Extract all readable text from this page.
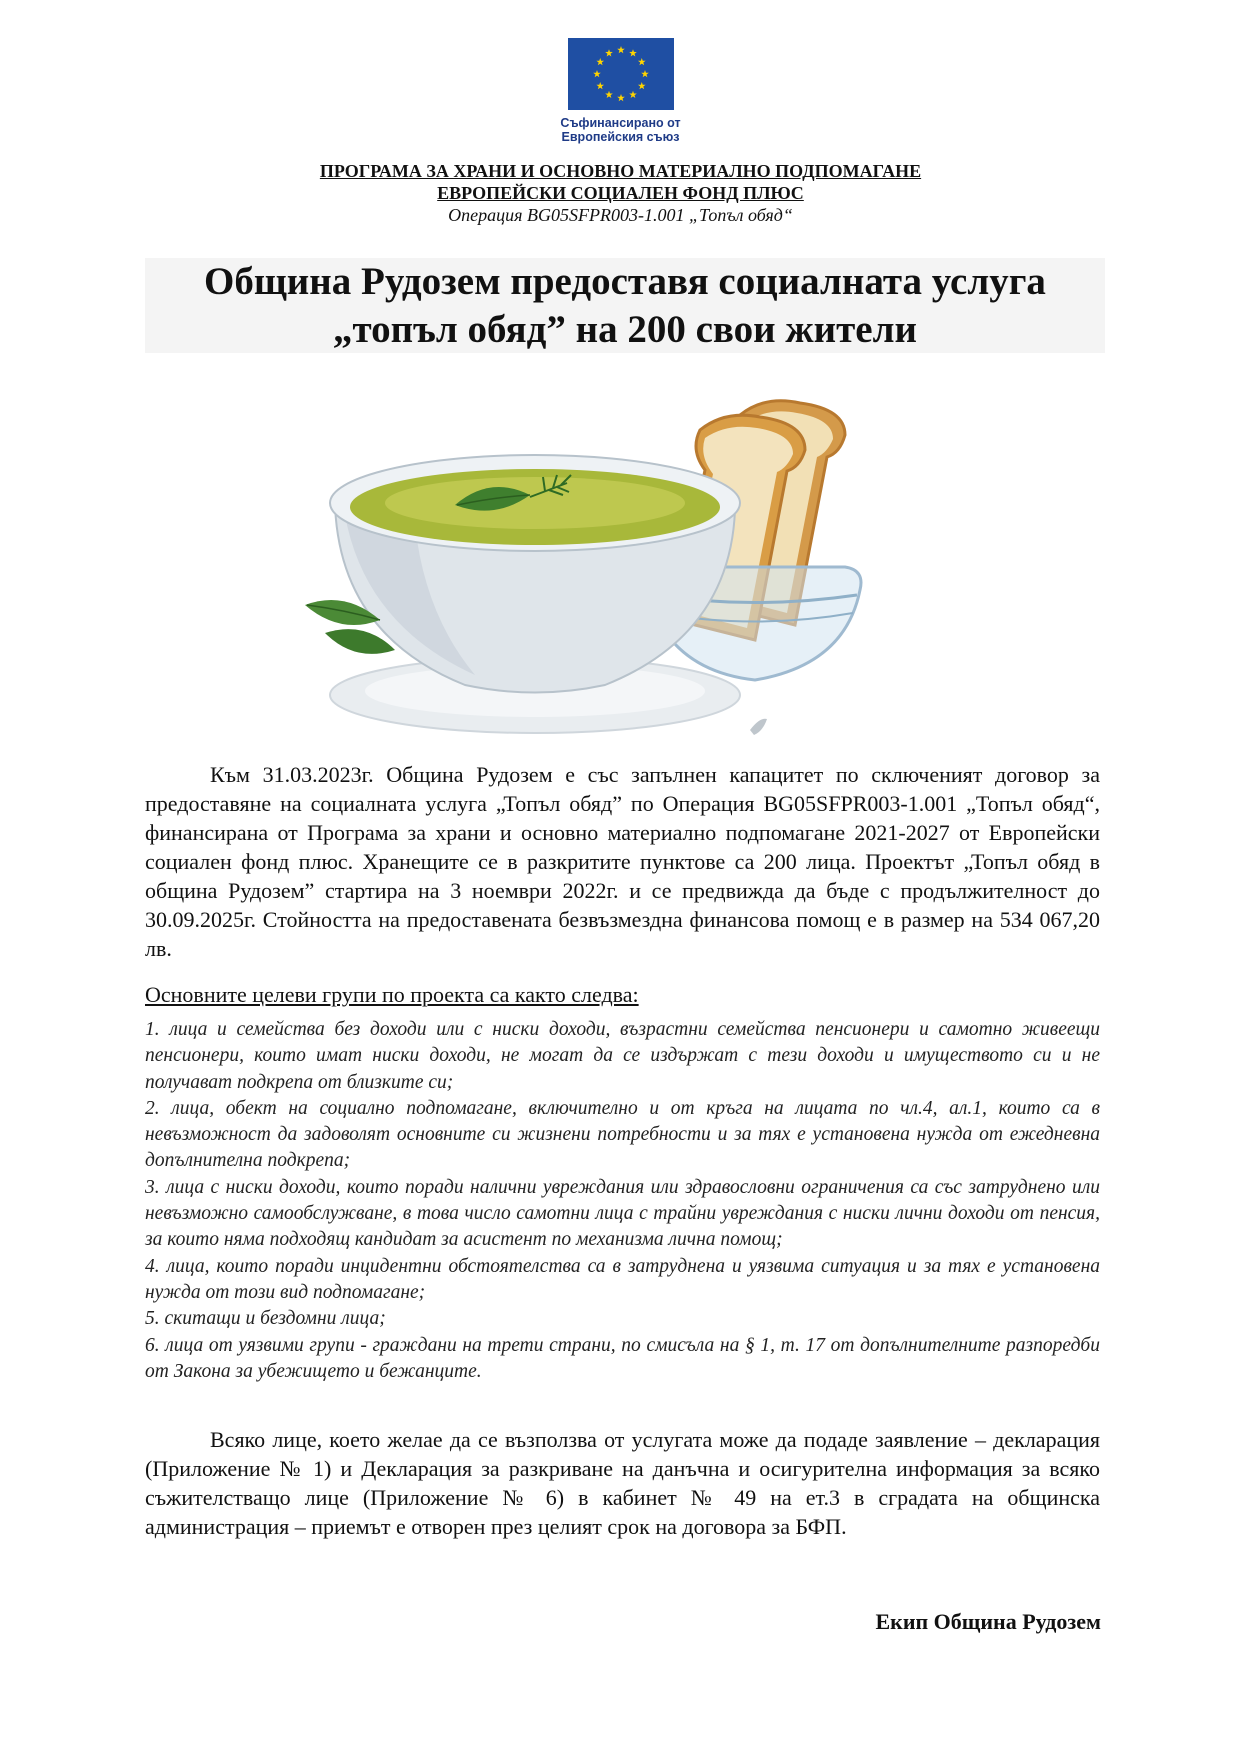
Съфинансирано от
Европейския съюз
ПРОГРАМА ЗА ХРАНИ И ОСНОВНО МАТЕРИАЛНО ПОДПОМАГАНЕ
ЕВРОПЕЙСКИ СОЦИАЛЕН ФОНД ПЛЮС
Операция BG05SFPR003-1.001 „Топъл обяд“
Община Рудозем предоставя социалната услуга
„топъл обяд” на 200 свои жители

Към 31.03.2023г. Община Рудозем е със запълнен капацитет по сключеният договор за предоставяне на социалната услуга „Топъл обяд” по Операция BG05SFPR003-1.001 „Топъл обяд“, финансирана от Програма за храни и основно материално подпомагане 2021-2027 от Европейски социален фонд плюс. Хранещите се в разкритите пунктове са 200 лица. Проектът „Топъл обяд в община Рудозем” стартира на 3 ноември 2022г. и се предвижда да бъде с продължителност до 30.09.2025г. Стойността на предоставената безвъзмездна финансова помощ е в размер на 534 067,20 лв.

Основните целеви групи по проекта са както следва:
1. лица и семейства без доходи или с ниски доходи, възрастни семейства пенсионери и самотно живеещи пенсионери, които имат ниски доходи, не могат да се издържат с тези доходи и имуществото си и не получават подкрепа от близките си;
2. лица, обект на социално подпомагане, включително и от кръга на лицата по чл.4, ал.1, които са в невъзможност да задоволят основните си жизнени потребности и за тях е установена нужда от ежедневна допълнителна подкрепа;
3. лица с ниски доходи, които поради налични увреждания или здравословни ограничения са със затруднено или невъзможно самообслужване, в това число самотни лица с трайни увреждания с ниски лични доходи от пенсия, за които няма подходящ кандидат за асистент по механизма лична помощ;
4. лица, които поради инцидентни обстоятелства са в затруднена и уязвима ситуация и за тях е установена нужда от този вид подпомагане;
5. скитащи и бездомни лица;
6. лица от уязвими групи - граждани на трети страни, по смисъла на § 1, т. 17 от допълнителните разпоредби от Закона за убежището и бежанците.

Всяко лице, което желае да се възползва от услугата може да подаде заявление – декларация (Приложение № 1) и Декларация за разкриване на данъчна и осигурителна информация за всяко съжителстващо лице (Приложение № 6) в кабинет № 49 на ет.3 в сградата на общинска администрация – приемът е отворен през целият срок на договора за БФП.

Екип Община Рудозем
